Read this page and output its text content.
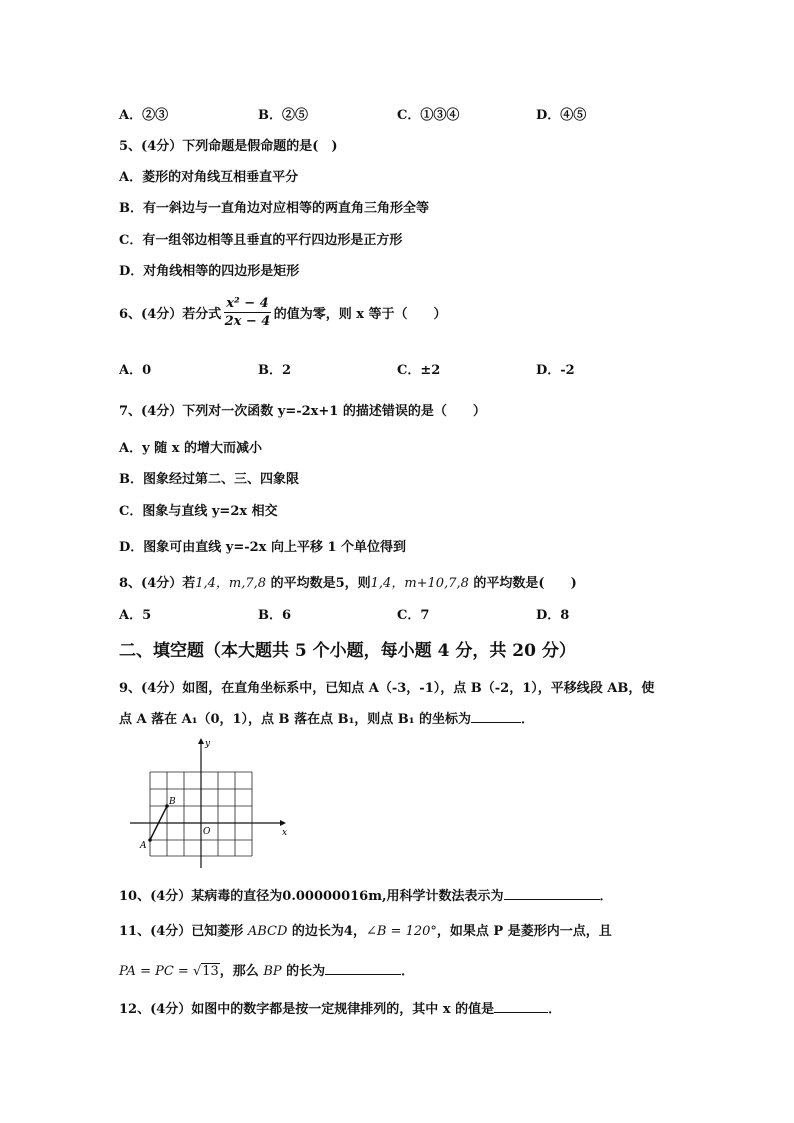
A．②③	B．②⑤	C．①③④	D．④⑤
5、(4分）下列命题是假命题的是(　)
A．菱形的对角线互相垂直平分
B．有一斜边与一直角边对应相等的两直角三角形全等
C．有一组邻边相等且垂直的平行四边形是正方形
D．对角线相等的四边形是矩形
6、(4分）若分式 $\frac{\text{x² − 4}}{2x - 4}$ 的值为零，则 x 等于（　　）
A．0	B．2	C．±2	D．-2
7、(4分）下列对一次函数 y=-2x+1 的描述错误的是（　　）
A．y 随 x 的增大而减小
B．图象经过第二、三、四象限
C．图象与直线 y=2x 相交
D．图象可由直线 y=-2x 向上平移 1 个单位得到
8、(4分）若1,4，m,7,8 的平均数是5，则1,4，m+10,7,8 的平均数是(　　)
A．5	B．6	C．7	D．8
二、填空题（本大题共 5 个小题，每小题 4 分，共 20 分）
9、(4分）如图，在直角坐标系中，已知点 A（-3，-1），点 B（-2，1），平移线段 AB，使
点 A 落在 A₁（0，1），点 B 落在点 B₁，则点 B₁ 的坐标为	．
y
x
O
A
B
10、(4分）某病毒的直径为0.00000016m,用科学计数法表示为	．
11、(4分）已知菱形 ABCD 的边长为4，∠B = 120°，如果点 P 是菱形内一点，且
PA = PC = √13，那么 BP 的长为	．
12、(4分）如图中的数字都是按一定规律排列的，其中 x 的值是	．
